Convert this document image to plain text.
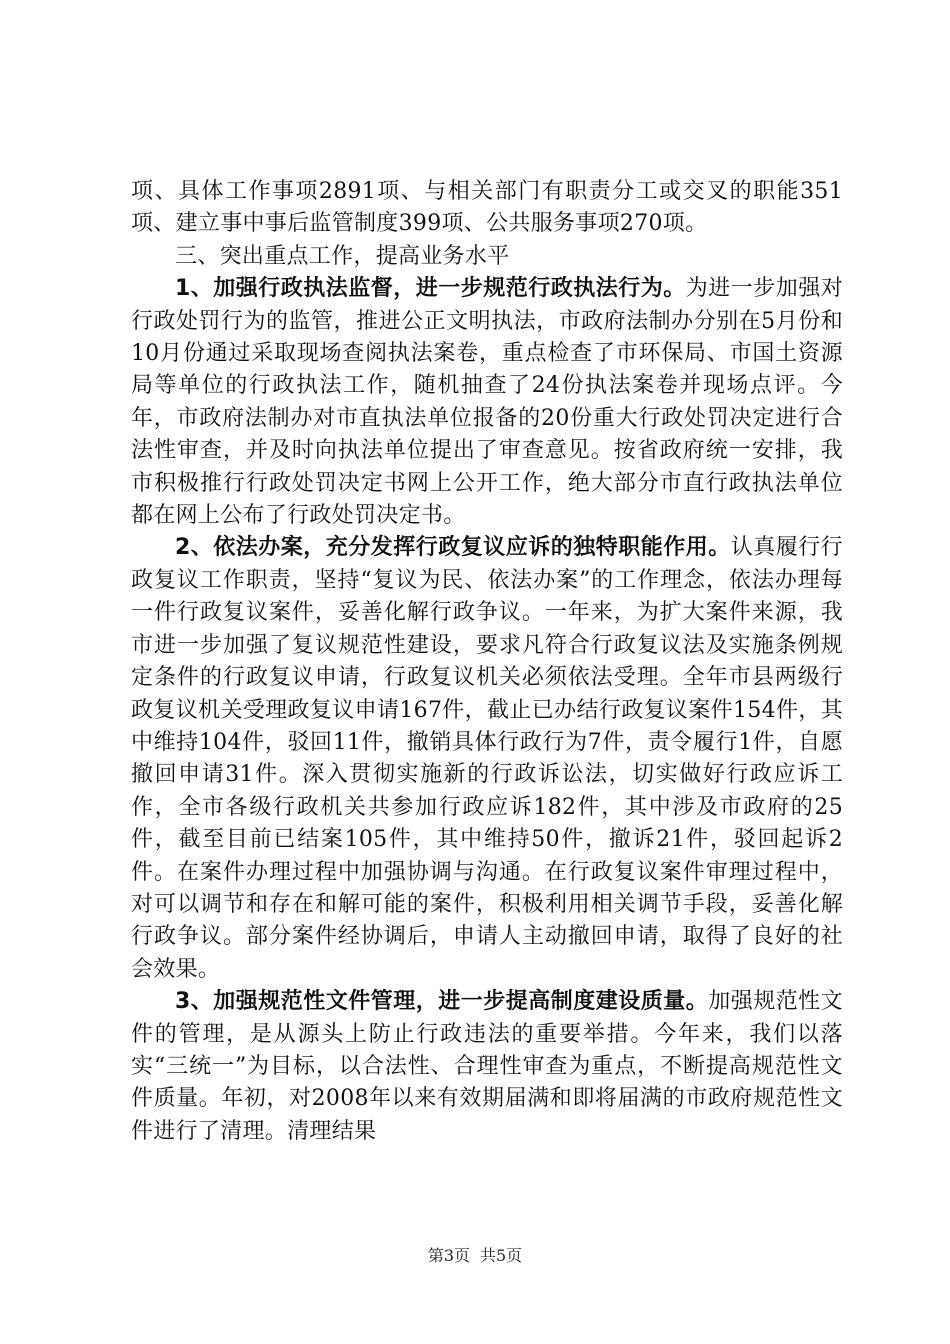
项、具体工作事项2891项、与相关部门有职责分工或交叉的职能351项、建立事中事后监管制度399项、公共服务事项270项。

三、突出重点工作，提高业务水平

1、加强行政执法监督，进一步规范行政执法行为。为进一步加强对行政处罚行为的监管，推进公正文明执法，市政府法制办分别在5月份和10月份通过采取现场查阅执法案卷，重点检查了市环保局、市国土资源局等单位的行政执法工作，随机抽查了24份执法案卷并现场点评。今年，市政府法制办对市直执法单位报备的20份重大行政处罚决定进行合法性审查，并及时向执法单位提出了审查意见。按省政府统一安排，我市积极推行行政处罚决定书网上公开工作，绝大部分市直行政执法单位都在网上公布了行政处罚决定书。

2、依法办案，充分发挥行政复议应诉的独特职能作用。认真履行行政复议工作职责，坚持“复议为民、依法办案”的工作理念，依法办理每一件行政复议案件，妥善化解行政争议。一年来，为扩大案件来源，我市进一步加强了复议规范性建设，要求凡符合行政复议法及实施条例规定条件的行政复议申请，行政复议机关必须依法受理。全年市县两级行政复议机关受理政复议申请167件，截止已办结行政复议案件154件，其中维持104件，驳回11件，撤销具体行政行为7件，责令履行1件，自愿撤回申请31件。深入贯彻实施新的行政诉讼法，切实做好行政应诉工作，全市各级行政机关共参加行政应诉182件，其中涉及市政府的25件，截至目前已结案105件，其中维持50件，撤诉21件，驳回起诉2件。在案件办理过程中加强协调与沟通。在行政复议案件审理过程中，对可以调节和存在和解可能的案件，积极利用相关调节手段，妥善化解行政争议。部分案件经协调后，申请人主动撤回申请，取得了良好的社会效果。

3、加强规范性文件管理，进一步提高制度建设质量。加强规范性文件的管理，是从源头上防止行政违法的重要举措。今年来，我们以落实“三统一”为目标，以合法性、合理性审查为重点，不断提高规范性文件质量。年初，对2008年以来有效期届满和即将届满的市政府规范性文件进行了清理。清理结果

第3页 共5页
